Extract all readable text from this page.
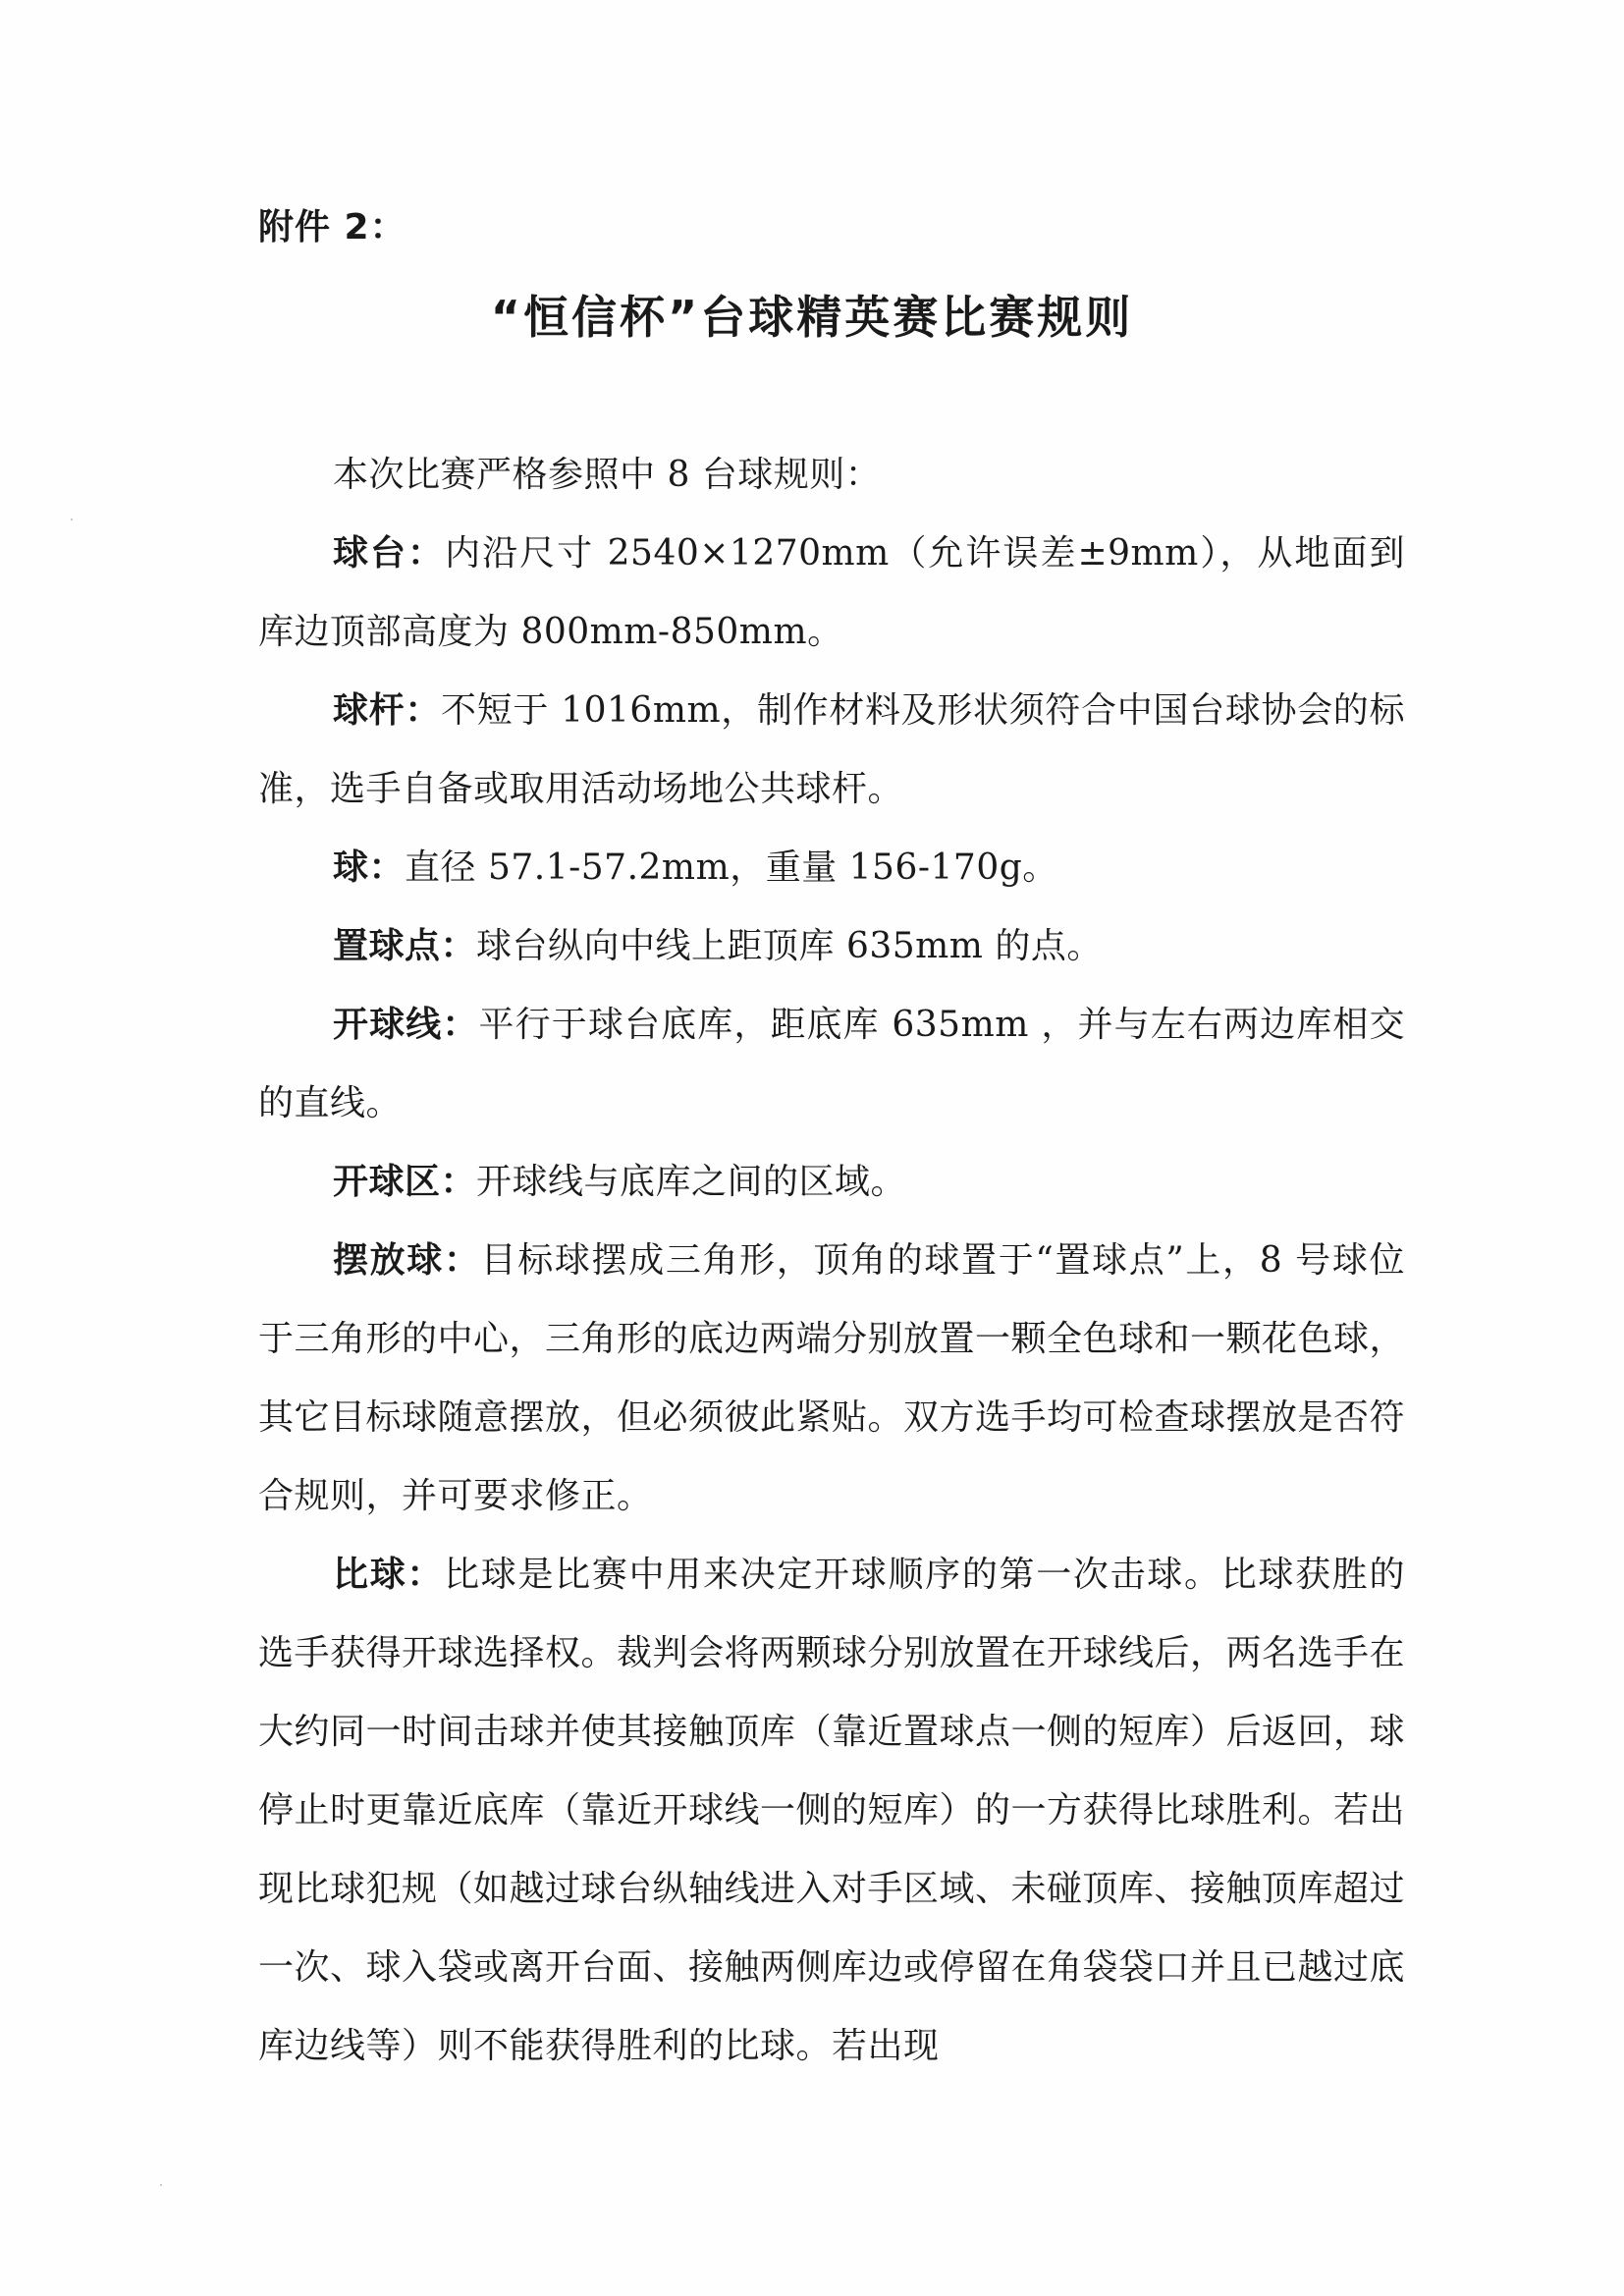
附件 2：
“恒信杯”台球精英赛比赛规则

本次比赛严格参照中 8 台球规则：

球台：内沿尺寸 2540×1270mm（允许误差±9mm），从地面到库边顶部高度为 800mm-850mm。

球杆：不短于 1016mm，制作材料及形状须符合中国台球协会的标准，选手自备或取用活动场地公共球杆。

球：直径 57.1-57.2mm，重量 156-170g。

置球点：球台纵向中线上距顶库 635mm 的点。

开球线：平行于球台底库，距底库 635mm ，并与左右两边库相交的直线。

开球区：开球线与底库之间的区域。

摆放球：目标球摆成三角形，顶角的球置于“置球点”上，8 号球位于三角形的中心，三角形的底边两端分别放置一颗全色球和一颗花色球，其它目标球随意摆放，但必须彼此紧贴。双方选手均可检查球摆放是否符合规则，并可要求修正。

比球：比球是比赛中用来决定开球顺序的第一次击球。比球获胜的选手获得开球选择权。裁判会将两颗球分别放置在开球线后，两名选手在大约同一时间击球并使其接触顶库（靠近置球点一侧的短库）后返回，球停止时更靠近底库（靠近开球线一侧的短库）的一方获得比球胜利。若出现比球犯规（如越过球台纵轴线进入对手区域、未碰顶库、接触顶库超过一次、球入袋或离开台面、接触两侧库边或停留在角袋袋口并且已越过底库边线等）则不能获得胜利的比球。若出现
